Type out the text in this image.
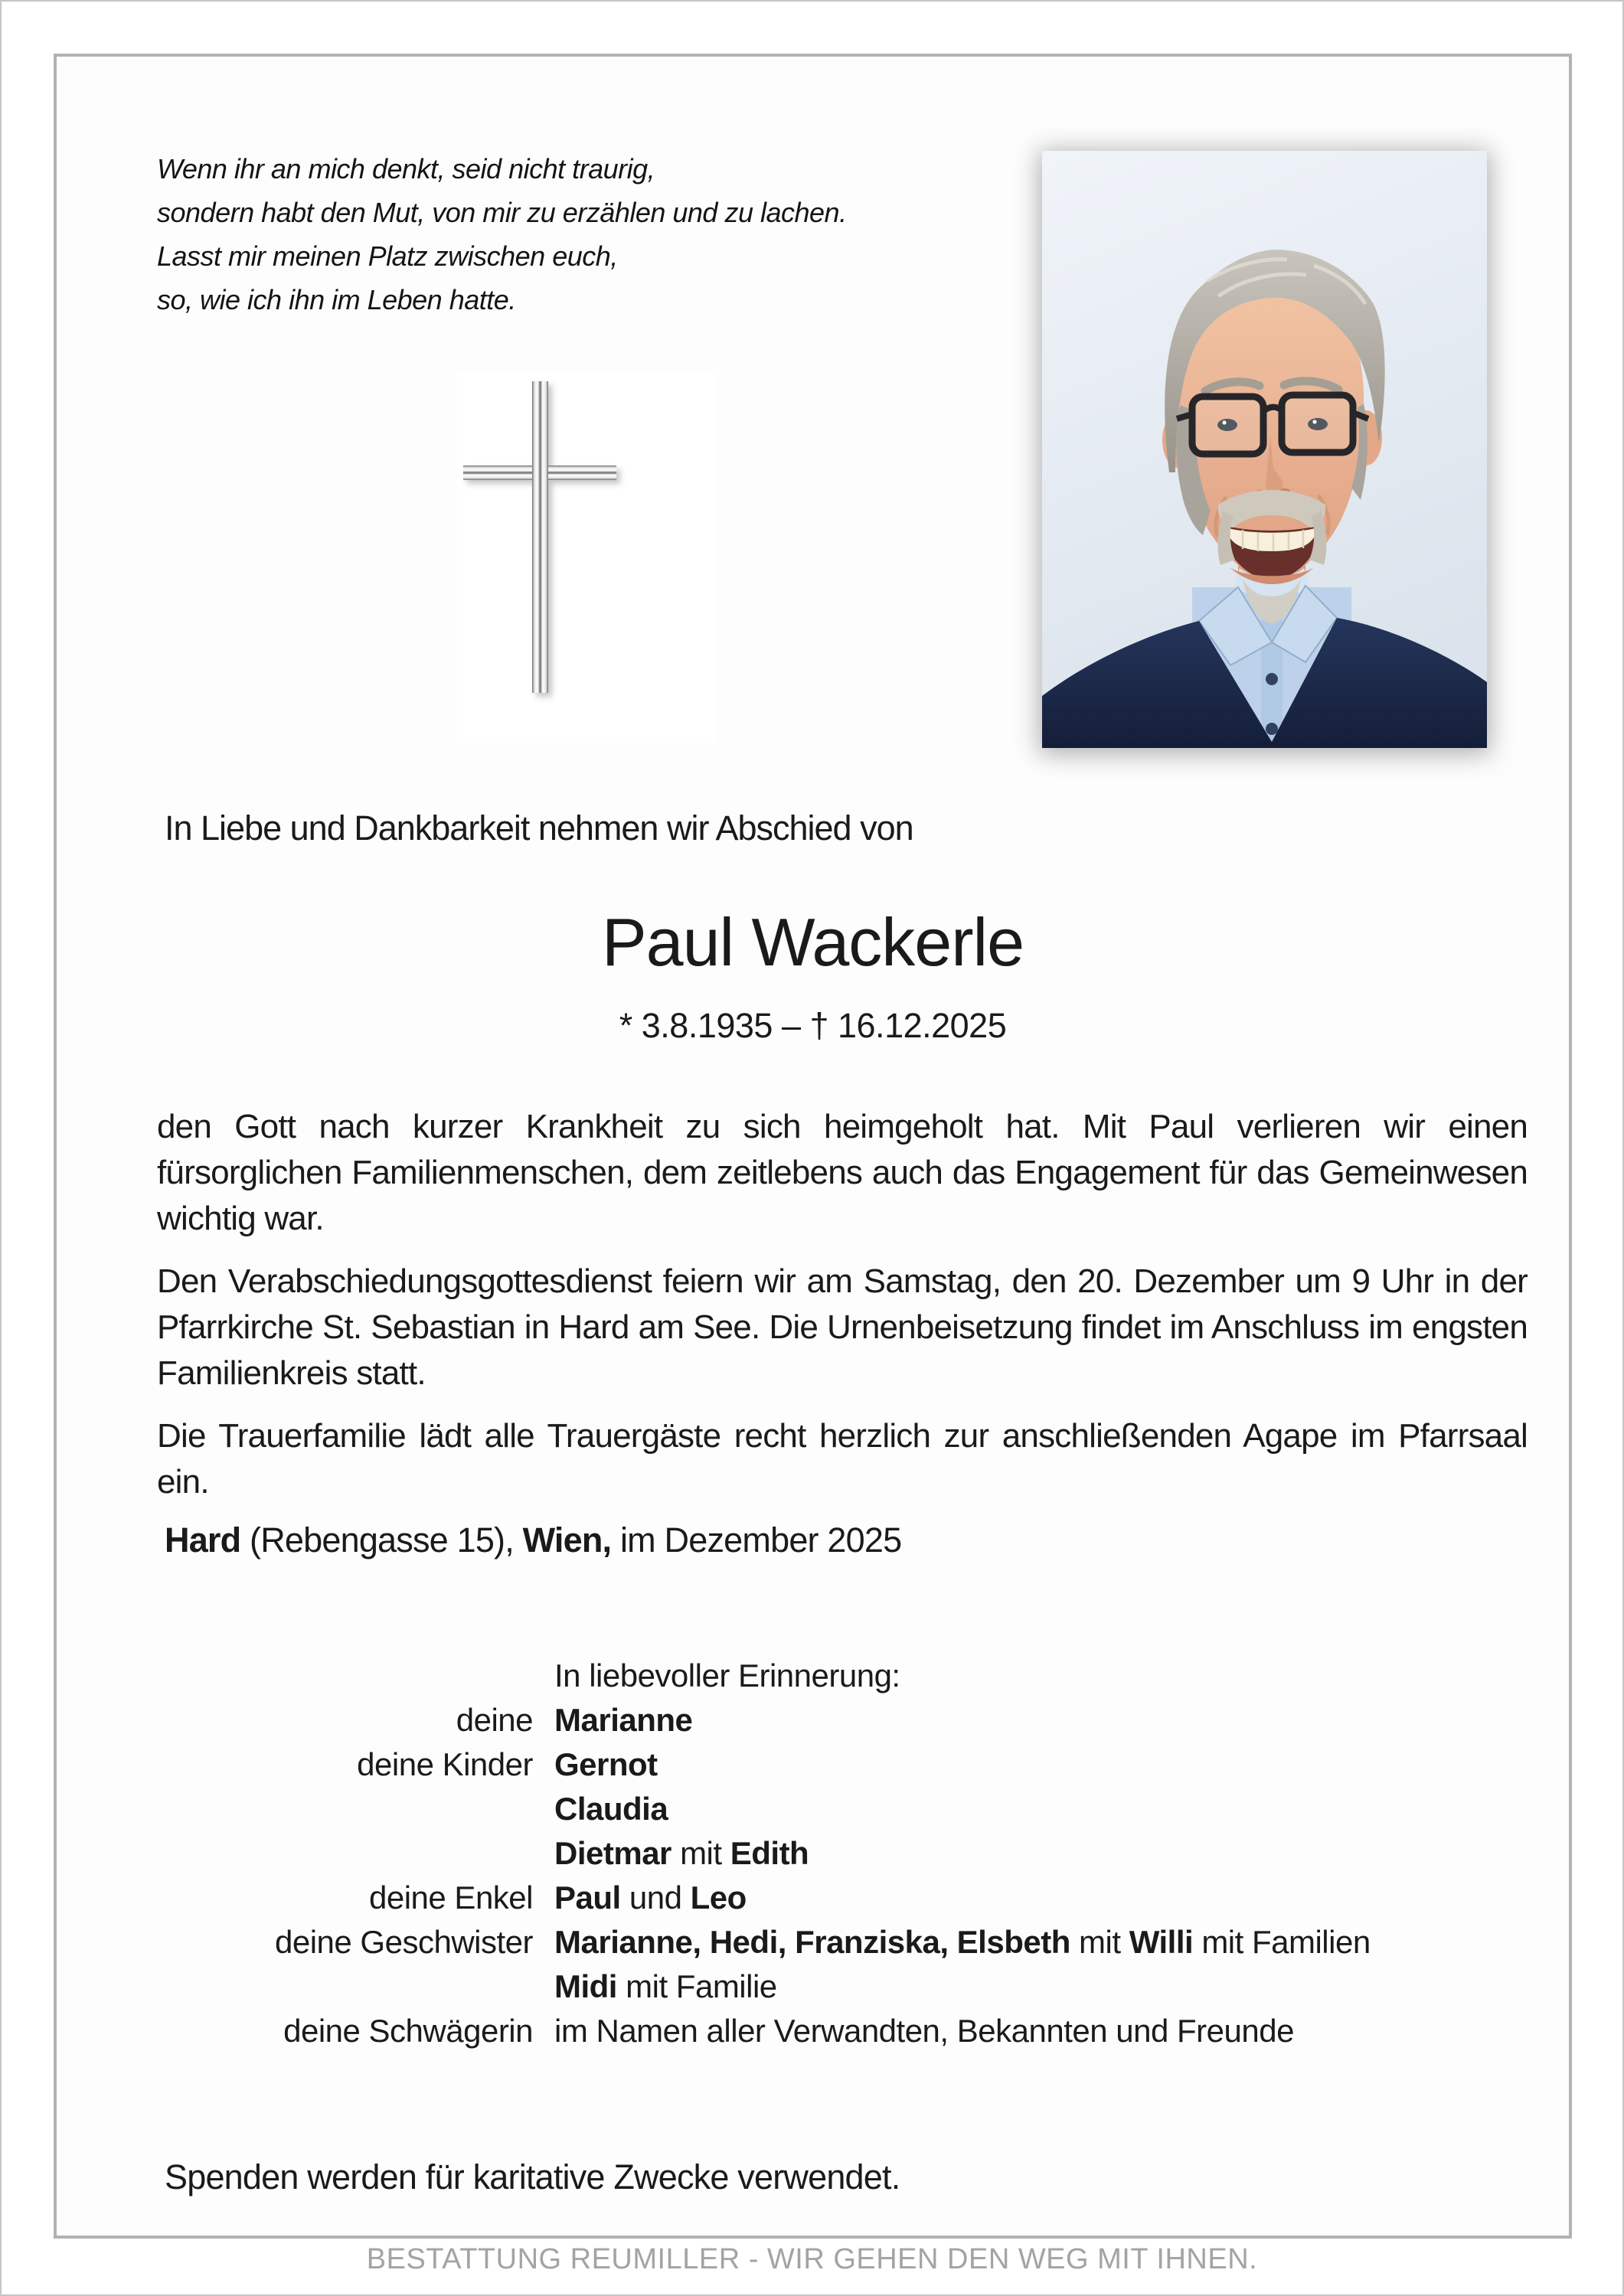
Wenn ihr an mich denkt, seid nicht traurig,
sondern habt den Mut, von mir zu erzählen und zu lachen.
Lasst mir meinen Platz zwischen euch,
so, wie ich ihn im Leben hatte.
In Liebe und Dankbarkeit nehmen wir Abschied von
Paul Wackerle
* 3.8.1935 – † 16.12.2025

den Gott nach kurzer Krankheit zu sich heimgeholt hat. Mit Paul verlieren wir einen fürsorglichen Familienmenschen, dem zeitlebens auch das Engagement für das Gemeinwesen wichtig war.

Den Verabschiedungsgottesdienst feiern wir am Samstag, den 20. Dezember um 9 Uhr in der Pfarrkirche St. Sebastian in Hard am See. Die Urnenbeisetzung findet im Anschluss im engsten Familienkreis statt.

Die Trauerfamilie lädt alle Trauergäste recht herzlich zur anschließenden Agape im Pfarrsaal ein.

Hard (Rebengasse 15), Wien, im Dezember 2025
In liebevoller Erinnerung:
deine Marianne
deine Kinder Gernot
Claudia
Dietmar mit Edith
deine Enkel Paul und Leo
deine Geschwister Marianne, Hedi, Franziska, Elsbeth mit Willi mit Familien
Midi mit Familie
deine Schwägerin im Namen aller Verwandten, Bekannten und Freunde
Spenden werden für karitative Zwecke verwendet.
BESTATTUNG REUMILLER - WIR GEHEN DEN WEG MIT IHNEN.
